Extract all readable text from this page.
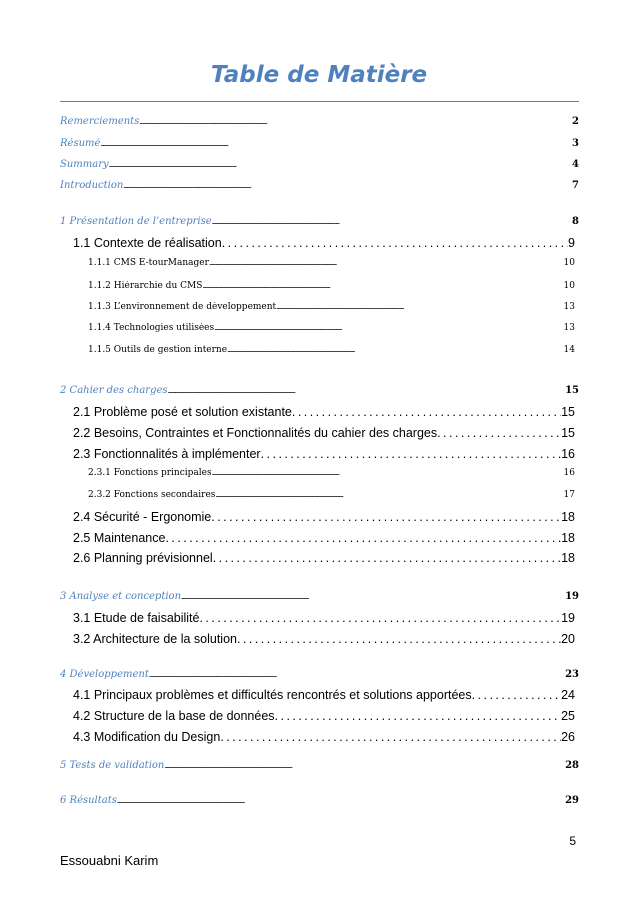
Table de Matière
Remerciements . . .	2
Résumé . . .	3
Summary . . .	4
Introduction . . .	7
1 Présentation de l’entreprise . . .	8
1.1 Contexte de réalisation . . .	9
1.1.1 CMS E-tourManager . . .	10
1.1.2 Hiérarchie du CMS . . .	10
1.1.3 L’environnement de développement . . .	13
1.1.4 Technologies utilisées . . .	13
1.1.5 Outils de gestion interne . . .	14
2 Cahier des charges . . .	15
2.1 Problème posé et solution existante . . .	15
2.2 Besoins, Contraintes et Fonctionnalités du cahier des charges . . .	15
2.3 Fonctionnalités à implémenter . . .	16
2.3.1 Fonctions principales . . .	16
2.3.2 Fonctions secondaires . . .	17
2.4 Sécurité - Ergonomie . . .	18
2.5 Maintenance . . .	18
2.6 Planning prévisionnel . . .	18
3 Analyse et conception . . .	19
3.1 Etude de faisabilité . . .	19
3.2 Architecture de la solution . . .	20
4 Développement . . .	23
4.1 Principaux problèmes et difficultés rencontrés et solutions apportées . . .	24
4.2 Structure de la base de données . . .	25
4.3 Modification du Design . . .	26
5 Tests de validation . . .	28
6 Résultats . . .	29
5
Essouabni Karim
